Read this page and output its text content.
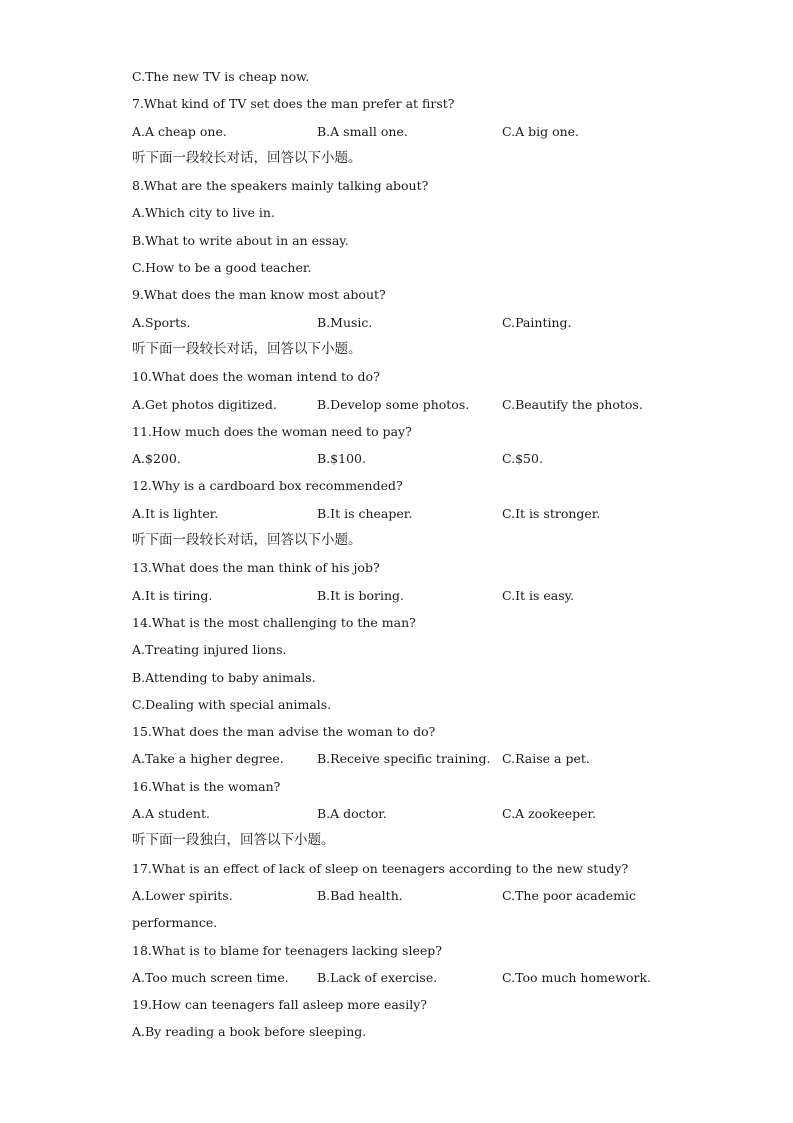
C.The new TV is cheap now.
7.What kind of TV set does the man prefer at first?
A.A cheap one.	B.A small one.	C.A big one.
听下面一段较长对话，回答以下小题。
8.What are the speakers mainly talking about?
A.Which city to live in.
B.What to write about in an essay.
C.How to be a good teacher.
9.What does the man know most about?
A.Sports.	B.Music.	C.Painting.
听下面一段较长对话，回答以下小题。
10.What does the woman intend to do?
A.Get photos digitized.	B.Develop some photos.	C.Beautify the photos.
11.How much does the woman need to pay?
A.$200.	B.$100.	C.$50.
12.Why is a cardboard box recommended?
A.It is lighter.	B.It is cheaper.	C.It is stronger.
听下面一段较长对话，回答以下小题。
13.What does the man think of his job?
A.It is tiring.	B.It is boring.	C.It is easy.
14.What is the most challenging to the man?
A.Treating injured lions.
B.Attending to baby animals.
C.Dealing with special animals.
15.What does the man advise the woman to do?
A.Take a higher degree.	B.Receive specific training. C.Raise a pet.
16.What is the woman?
A.A student.	B.A doctor.	C.A zookeeper.
听下面一段独白，回答以下小题。
17.What is an effect of lack of sleep on teenagers according to the new study?
A.Lower spirits.	B.Bad health.	C.The poor academic
performance.
18.What is to blame for teenagers lacking sleep?
A.Too much screen time. B.Lack of exercise.	C.Too much homework.
19.How can teenagers fall asleep more easily?
A.By reading a book before sleeping.
